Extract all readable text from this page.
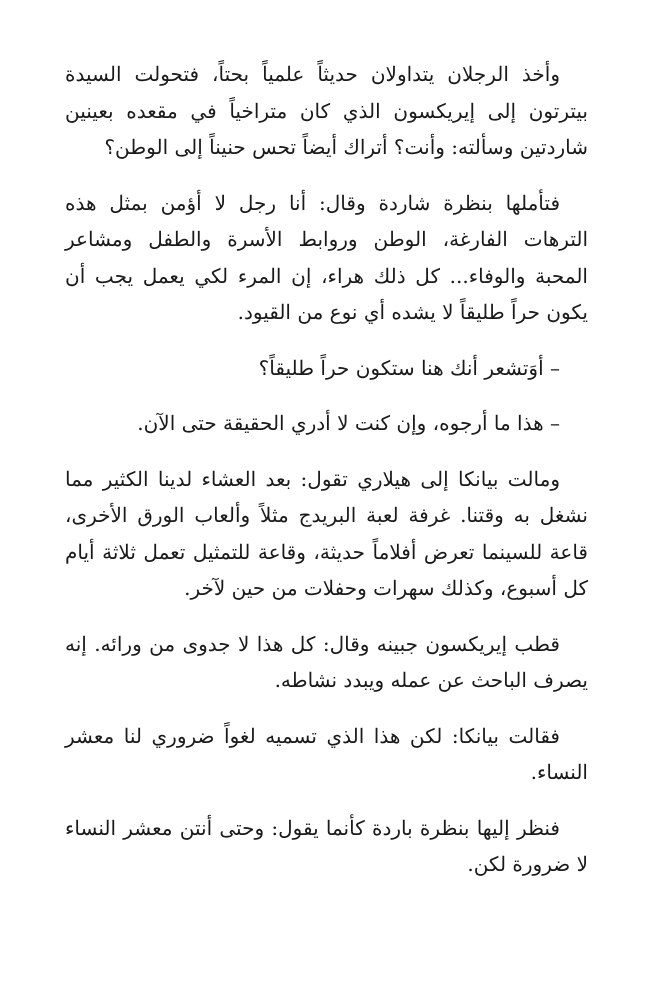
وأخذ الرجلان يتداولان حديثاً علمياً بحتاً، فتحولت السيدة بيترتون إلى إيريكسون الذي كان متراخياً في مقعده بعينين شاردتين وسألته: وأنت؟ أتراك أيضاً تحس حنيناً إلى الوطن؟

فتأملها بنظرة شاردة وقال: أنا رجل لا أؤمن بمثل هذه الترهات الفارغة، الوطن وروابط الأسرة والطفل ومشاعر المحبة والوفاء... كل ذلك هراء، إن المرء لكي يعمل يجب أن يكون حراً طليقاً لا يشده أي نوع من القيود.

– أوَتشعر أنك هنا ستكون حراً طليقاً؟

– هذا ما أرجوه، وإن كنت لا أدري الحقيقة حتى الآن.

ومالت بيانكا إلى هيلاري تقول: بعد العشاء لدينا الكثير مما نشغل به وقتنا. غرفة لعبة البريدج مثلاً وألعاب الورق الأخرى، قاعة للسينما تعرض أفلاماً حديثة، وقاعة للتمثيل تعمل ثلاثة أيام كل أسبوع، وكذلك سهرات وحفلات من حين لآخر.

قطب إيريكسون جبينه وقال: كل هذا لا جدوى من ورائه. إنه يصرف الباحث عن عمله ويبدد نشاطه.

فقالت بيانكا: لكن هذا الذي تسميه لغواً ضروري لنا معشر النساء.

فنظر إليها بنظرة باردة كأنما يقول: وحتى أنتن معشر النساء لا ضرورة لكن.
